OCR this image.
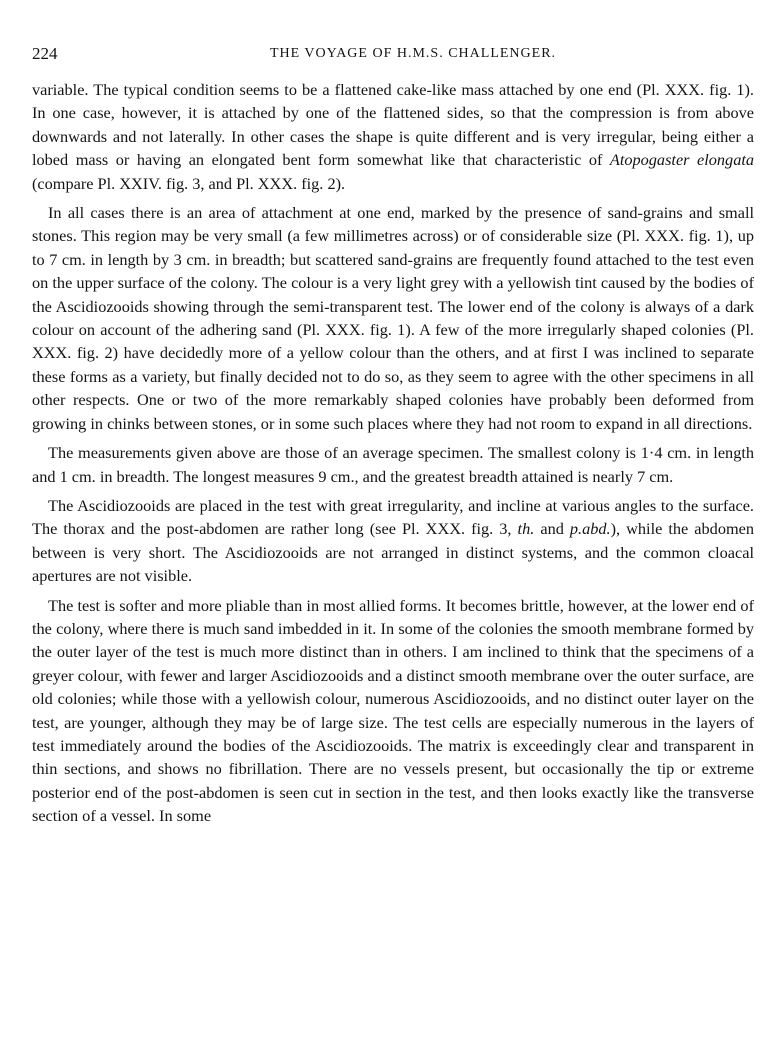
224	THE VOYAGE OF H.M.S. CHALLENGER.

variable. The typical condition seems to be a flattened cake-like mass attached by one end (Pl. XXX. fig. 1). In one case, however, it is attached by one of the flattened sides, so that the compression is from above downwards and not laterally. In other cases the shape is quite different and is very irregular, being either a lobed mass or having an elongated bent form somewhat like that characteristic of Atopogaster elongata (compare Pl. XXIV. fig. 3, and Pl. XXX. fig. 2).

In all cases there is an area of attachment at one end, marked by the presence of sand-grains and small stones. This region may be very small (a few millimetres across) or of considerable size (Pl. XXX. fig. 1), up to 7 cm. in length by 3 cm. in breadth; but scattered sand-grains are frequently found attached to the test even on the upper surface of the colony. The colour is a very light grey with a yellowish tint caused by the bodies of the Ascidiozooids showing through the semi-transparent test. The lower end of the colony is always of a dark colour on account of the adhering sand (Pl. XXX. fig. 1). A few of the more irregularly shaped colonies (Pl. XXX. fig. 2) have decidedly more of a yellow colour than the others, and at first I was inclined to separate these forms as a variety, but finally decided not to do so, as they seem to agree with the other specimens in all other respects. One or two of the more remarkably shaped colonies have probably been deformed from growing in chinks between stones, or in some such places where they had not room to expand in all directions.

The measurements given above are those of an average specimen. The smallest colony is 1·4 cm. in length and 1 cm. in breadth. The longest measures 9 cm., and the greatest breadth attained is nearly 7 cm.

The Ascidiozooids are placed in the test with great irregularity, and incline at various angles to the surface. The thorax and the post-abdomen are rather long (see Pl. XXX. fig. 3, th. and p.abd.), while the abdomen between is very short. The Ascidiozooids are not arranged in distinct systems, and the common cloacal apertures are not visible.

The test is softer and more pliable than in most allied forms. It becomes brittle, however, at the lower end of the colony, where there is much sand imbedded in it. In some of the colonies the smooth membrane formed by the outer layer of the test is much more distinct than in others. I am inclined to think that the specimens of a greyer colour, with fewer and larger Ascidiozooids and a distinct smooth membrane over the outer surface, are old colonies; while those with a yellowish colour, numerous Ascidiozooids, and no distinct outer layer on the test, are younger, although they may be of large size. The test cells are especially numerous in the layers of test immediately around the bodies of the Ascidiozooids. The matrix is exceedingly clear and transparent in thin sections, and shows no fibrillation. There are no vessels present, but occasionally the tip or extreme posterior end of the post-abdomen is seen cut in section in the test, and then looks exactly like the transverse section of a vessel. In some
